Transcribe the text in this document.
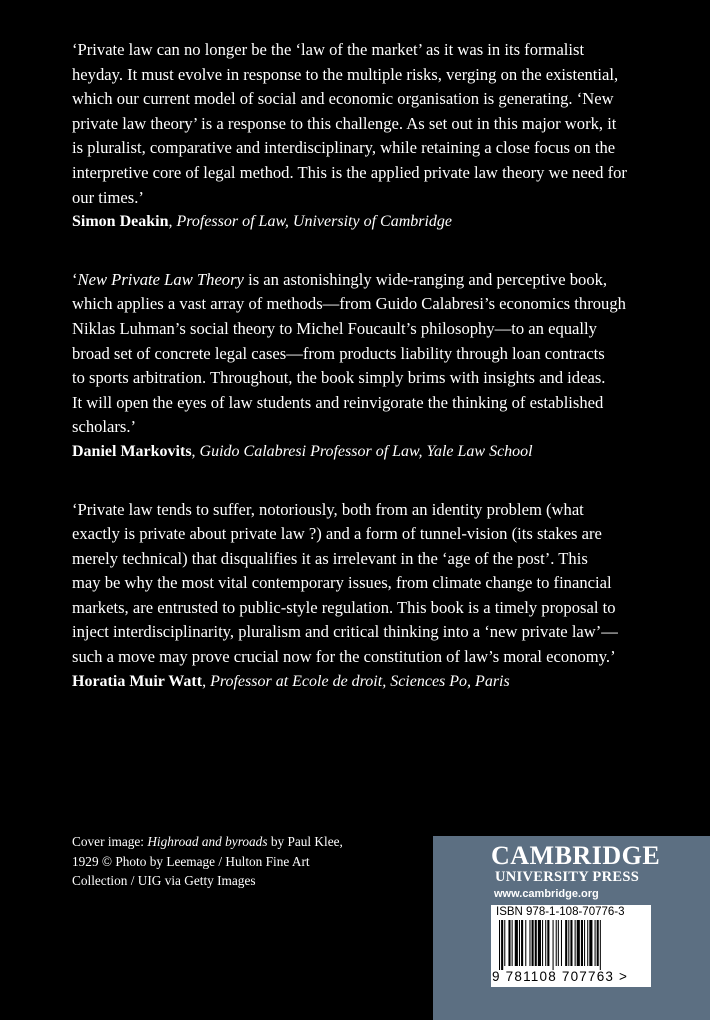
‘Private law can no longer be the ‘law of the market’ as it was in its formalist
heyday. It must evolve in response to the multiple risks, verging on the existential,
which our current model of social and economic organisation is generating. ‘New
private law theory’ is a response to this challenge. As set out in this major work, it
is pluralist, comparative and interdisciplinary, while retaining a close focus on the
interpretive core of legal method. This is the applied private law theory we need for
our times.’

Simon Deakin, Professor of Law, University of Cambridge

‘New Private Law Theory is an astonishingly wide-ranging and perceptive book,
which applies a vast array of methods—from Guido Calabresi’s economics through
Niklas Luhman’s social theory to Michel Foucault’s philosophy—to an equally
broad set of concrete legal cases—from products liability through loan contracts
to sports arbitration. Throughout, the book simply brims with insights and ideas.
It will open the eyes of law students and reinvigorate the thinking of established
scholars.’

Daniel Markovits, Guido Calabresi Professor of Law, Yale Law School

‘Private law tends to suffer, notoriously, both from an identity problem (what
exactly is private about private law ?) and a form of tunnel-vision (its stakes are
merely technical) that disqualifies it as irrelevant in the ‘age of the post’. This
may be why the most vital contemporary issues, from climate change to financial
markets, are entrusted to public-style regulation. This book is a timely proposal to
inject interdisciplinarity, pluralism and critical thinking into a ‘new private law’—
such a move may prove crucial now for the constitution of law’s moral economy.’

Horatia Muir Watt, Professor at Ecole de droit, Sciences Po, Paris
Cover image: Highroad and byroads by Paul Klee,
1929 © Photo by Leemage / Hulton Fine Art
Collection / UIG via Getty Images
CAMBRIDGE
UNIVERSITY PRESS
www.cambridge.org
ISBN 978-1-108-70776-3
9 781108 707763 >
